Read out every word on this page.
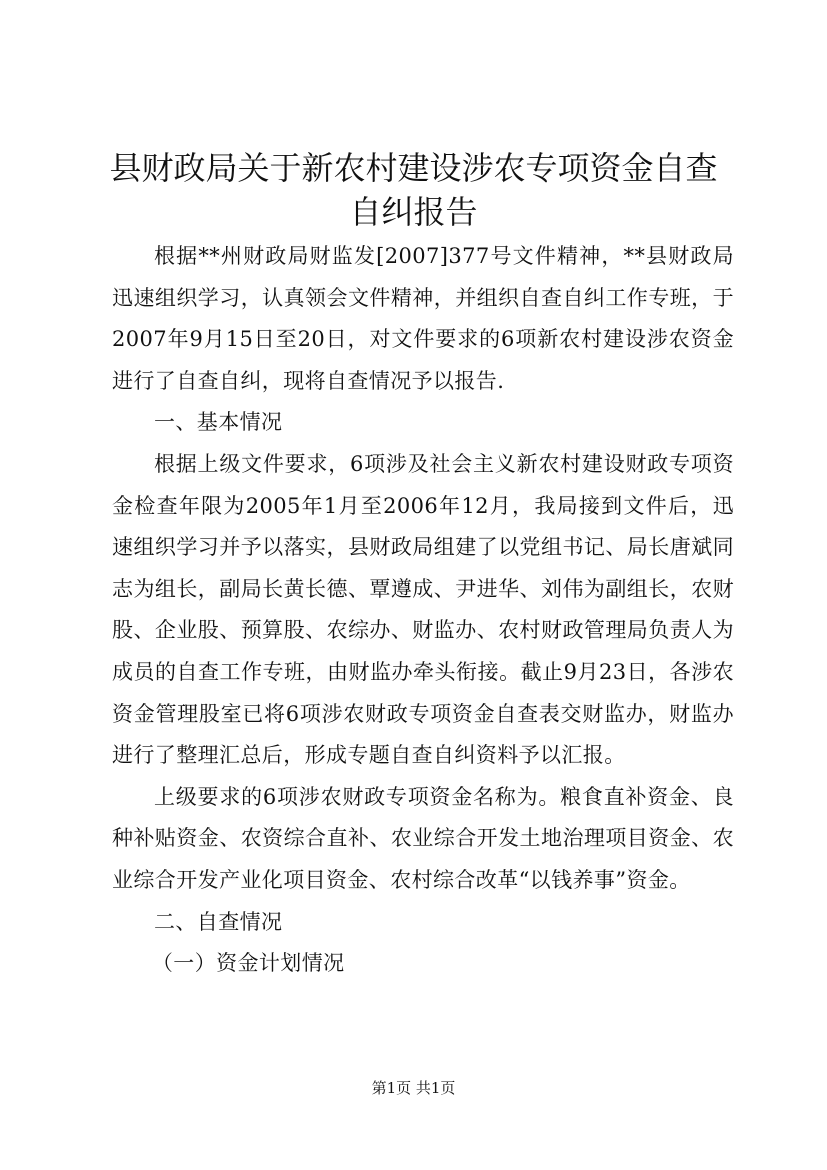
县财政局关于新农村建设涉农专项资金自查自纠报告

根据**州财政局财监发[2007]377号文件精神，**县财政局迅速组织学习，认真领会文件精神，并组织自查自纠工作专班，于2007年9月15日至20日，对文件要求的6项新农村建设涉农资金进行了自查自纠，现将自查情况予以报告.

一、基本情况

根据上级文件要求，6项涉及社会主义新农村建设财政专项资金检查年限为2005年1月至2006年12月，我局接到文件后，迅速组织学习并予以落实，县财政局组建了以党组书记、局长唐斌同志为组长，副局长黄长德、覃遵成、尹进华、刘伟为副组长，农财股、企业股、预算股、农综办、财监办、农村财政管理局负责人为成员的自查工作专班，由财监办牵头衔接。截止9月23日，各涉农资金管理股室已将6项涉农财政专项资金自查表交财监办，财监办进行了整理汇总后，形成专题自查自纠资料予以汇报。

上级要求的6项涉农财政专项资金名称为。粮食直补资金、良种补贴资金、农资综合直补、农业综合开发土地治理项目资金、农业综合开发产业化项目资金、农村综合改革“以钱养事”资金。

二、自查情况

（一）资金计划情况

第1页 共1页
